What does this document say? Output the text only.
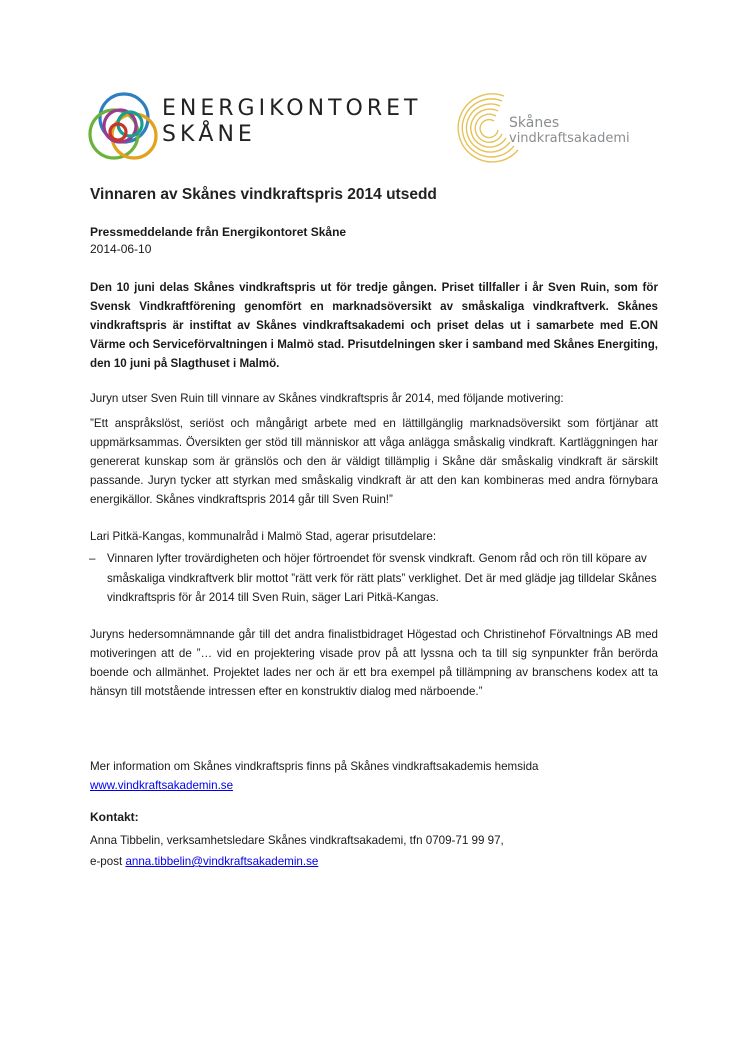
ENERGIKONTORET
SKÅNE	Skånes
vindkraftsakademi
Vinnaren av Skånes vindkraftspris 2014 utsedd
Pressmeddelande från Energikontoret Skåne
2014-06-10

Den 10 juni delas Skånes vindkraftspris ut för tredje gången. Priset tillfaller i år Sven Ruin, som för Svensk Vindkraftförening genomfört en marknadsöversikt av småskaliga vindkraftverk. Skånes vindkraftspris är instiftat av Skånes vindkraftsakademi och priset delas ut i samarbete med E.ON Värme och Serviceförvaltningen i Malmö stad. Prisutdelningen sker i samband med Skånes Energiting, den 10 juni på Slagthuset i Malmö.

Juryn utser Sven Ruin till vinnare av Skånes vindkraftspris år 2014, med följande motivering:

”Ett anspråkslöst, seriöst och mångårigt arbete med en lättillgänglig marknadsöversikt som förtjänar att uppmärksammas. Översikten ger stöd till människor att våga anlägga småskalig vindkraft. Kartläggningen har genererat kunskap som är gränslös och den är väldigt tillämplig i Skåne där småskalig vindkraft är särskilt passande. Juryn tycker att styrkan med småskalig vindkraft är att den kan kombineras med andra förnybara energikällor. Skånes vindkraftspris 2014 går till Sven Ruin!”

Lari Pitkä-Kangas, kommunalråd i Malmö Stad, agerar prisutdelare:

– Vinnaren lyfter trovärdigheten och höjer förtroendet för svensk vindkraft. Genom råd och rön till köpare av småskaliga vindkraftverk blir mottot ”rätt verk för rätt plats” verklighet. Det är med glädje jag tilldelar Skånes vindkraftspris för år 2014 till Sven Ruin, säger Lari Pitkä-Kangas.

Juryns hedersomnämnande går till det andra finalistbidraget Högestad och Christinehof Förvaltnings AB med motiveringen att de ”… vid en projektering visade prov på att lyssna och ta till sig synpunkter från berörda boende och allmänhet. Projektet lades ner och är ett bra exempel på tillämpning av branschens kodex att ta hänsyn till motstående intressen efter en konstruktiv dialog med närboende.”

Mer information om Skånes vindkraftspris finns på Skånes vindkraftsakademis hemsida
www.vindkraftsakademin.se
Kontakt:
Anna Tibbelin, verksamhetsledare Skånes vindkraftsakademi, tfn 0709-71 99 97,
e-post anna.tibbelin@vindkraftsakademin.se
